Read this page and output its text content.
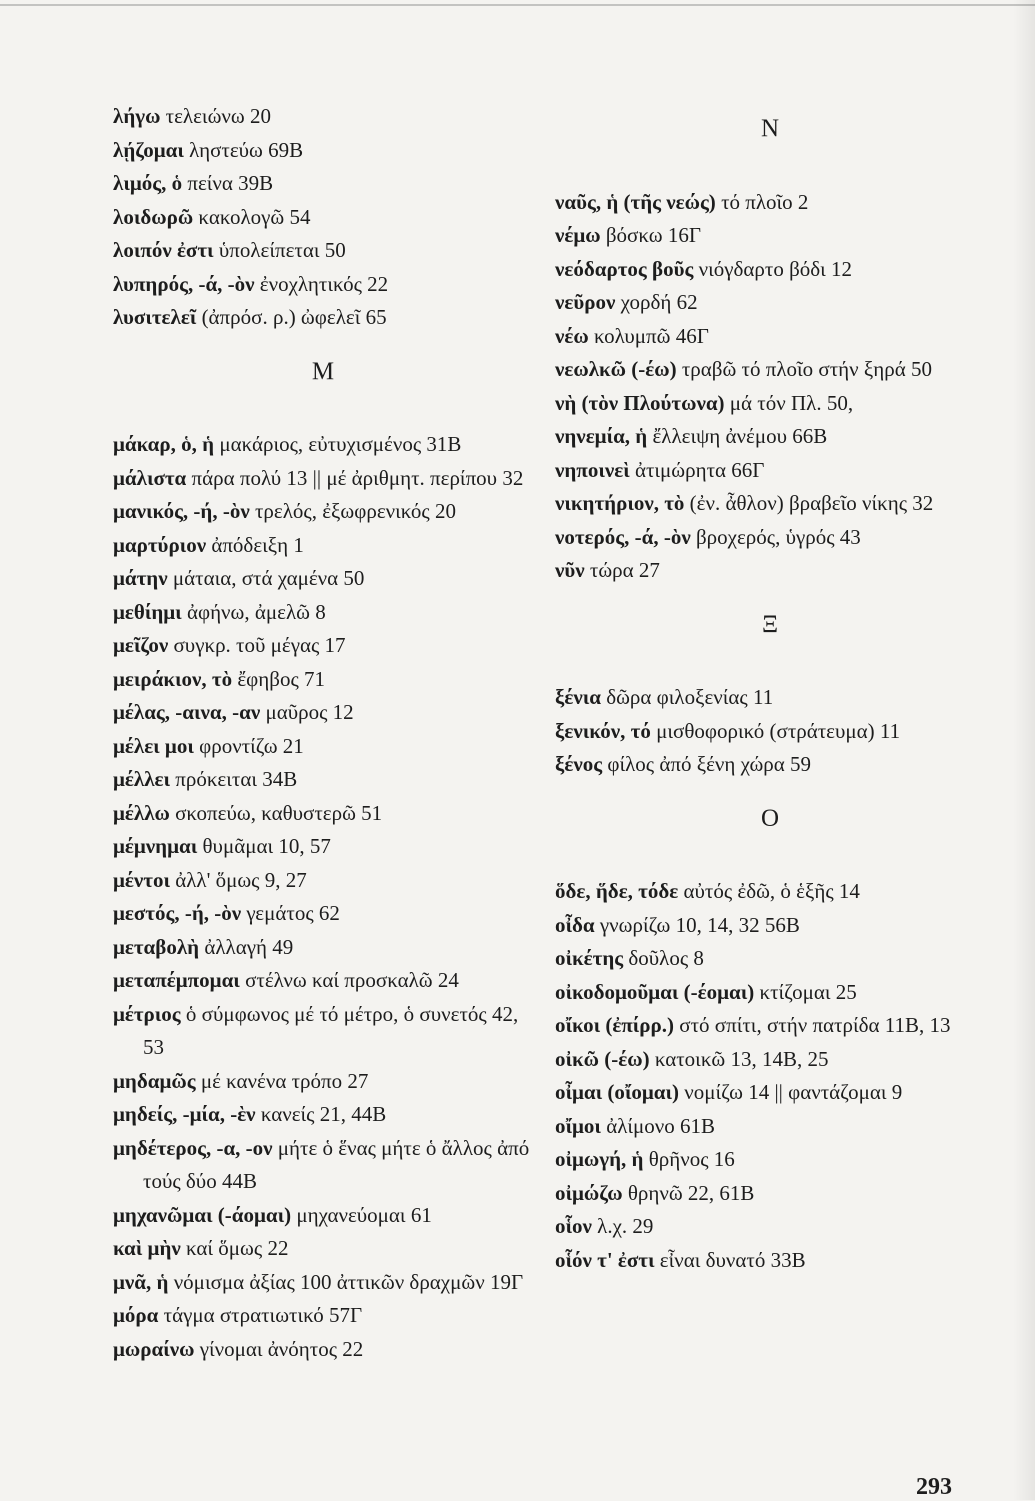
λήγω τελειώνω 20

λῄζομαι ληστεύω 69Β

λιμός, ὁ πείνα 39Β

λοιδωρῶ κακολογῶ 54

λοιπόν ἐστι ὑπολείπεται 50

λυπηρός, -ά, -ὸν ἐνοχλητικός 22

λυσιτελεῖ (ἀπρόσ. ρ.) ὠφελεῖ 65

Μ

μάκαρ, ὁ, ἡ μακάριος, εὐτυχισμένος 31Β

μάλιστα πάρα πολύ 13 || μέ ἀριθμητ. περίπου 32

μανικός, -ή, -ὸν τρελός, ἐξωφρενικός 20

μαρτύριον ἀπόδειξη 1

μάτην μάταια, στά χαμένα 50

μεθίημι ἀφήνω, ἀμελῶ 8

μεῖζον συγκρ. τοῦ μέγας 17

μειράκιον, τὸ ἔφηβος 71

μέλας, -αινα, -αν μαῦρος 12

μέλει μοι φροντίζω 21

μέλλει πρόκειται 34Β

μέλλω σκοπεύω, καθυστερῶ 51

μέμνημαι θυμᾶμαι 10, 57

μέντοι ἀλλ' ὅμως 9, 27

μεστός, -ή, -ὸν γεμάτος 62

μεταβολὴ ἀλλαγή 49

μεταπέμπομαι στέλνω καί προσκαλῶ 24

μέτριος ὁ σύμφωνος μέ τό μέτρο, ὁ συνετός 42, 53

μηδαμῶς μέ κανένα τρόπο 27

μηδείς, -μία, -ὲν κανείς 21, 44Β

μηδέτερος, -α, -ον μήτε ὁ ἕνας μήτε ὁ ἄλλος ἀπό τούς δύο 44Β

μηχανῶμαι (-άομαι) μηχανεύομαι 61

καὶ μὴν καί ὅμως 22

μνᾶ, ἡ νόμισμα ἀξίας 100 ἀττικῶν δραχμῶν 19Γ

μόρα τάγμα στρατιωτικό 57Γ

μωραίνω γίνομαι ἀνόητος 22

Ν

ναῦς, ἡ (τῆς νεώς) τό πλοῖο 2

νέμω βόσκω 16Γ

νεόδαρτος βοῦς νιόγδαρτο βόδι 12

νεῦρον χορδή 62

νέω κολυμπῶ 46Γ

νεωλκῶ (-έω) τραβῶ τό πλοῖο στήν ξηρά 50

νὴ (τὸν Πλούτωνα) μά τόν Πλ. 50,

νηνεμία, ἡ ἔλλειψη ἀνέμου 66Β

νηποινεὶ ἀτιμώρητα 66Γ

νικητήριον, τὸ (ἐν. ἆθλον) βραβεῖο νίκης 32

νοτερός, -ά, -ὸν βροχερός, ὑγρός 43

νῦν τώρα 27

Ξ

ξένια δῶρα φιλοξενίας 11

ξενικόν, τό μισθοφορικό (στράτευμα) 11

ξένος φίλος ἀπό ξένη χώρα 59

Ο

ὅδε, ἥδε, τόδε αὐτός ἐδῶ, ὁ ἑξῆς 14

οἶδα γνωρίζω 10, 14, 32 56Β

οἰκέτης δοῦλος 8

οἰκοδομοῦμαι (-έομαι) κτίζομαι 25

οἴκοι (ἐπίρρ.) στό σπίτι, στήν πατρίδα 11Β, 13

οἰκῶ (-έω) κατοικῶ 13, 14Β, 25

οἶμαι (οἴομαι) νομίζω 14 || φαντάζομαι 9

οἴμοι ἀλίμονο 61Β

οἰμωγή, ἡ θρῆνος 16

οἰμώζω θρηνῶ 22, 61Β

οἷον λ.χ. 29

οἷόν τ' ἐστι εἶναι δυνατό 33Β

293
